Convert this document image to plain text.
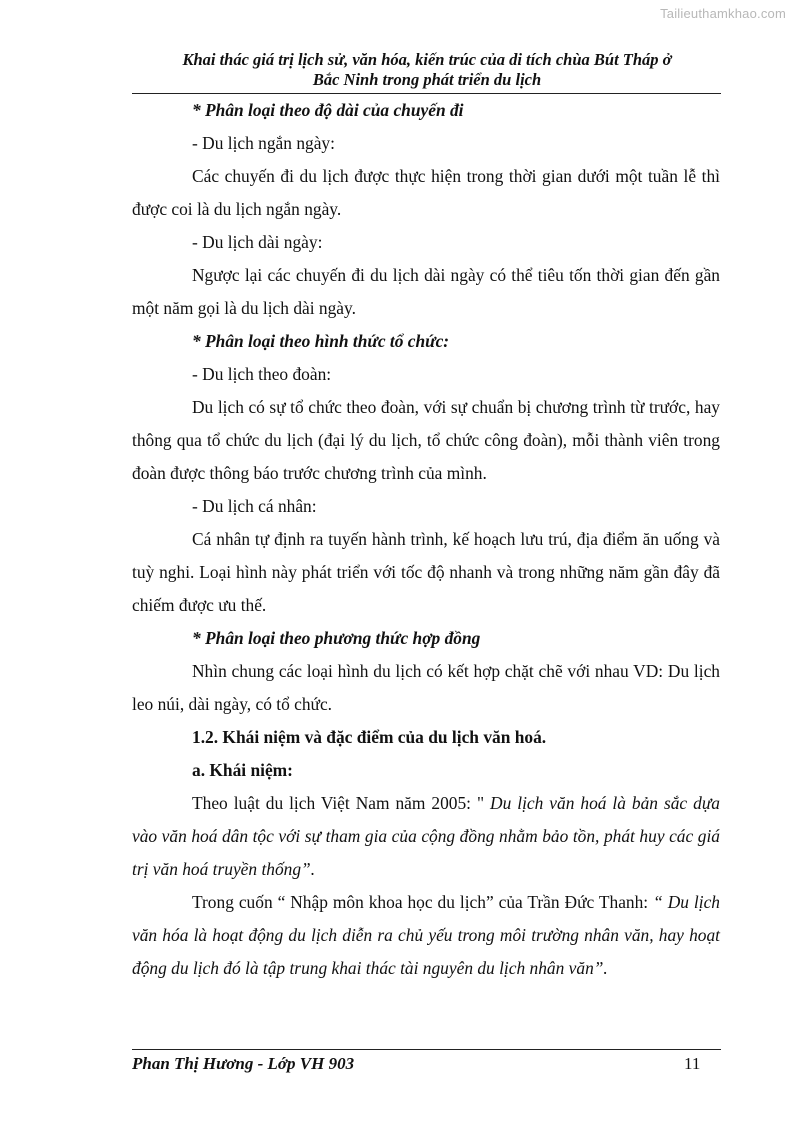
Tailieuthamkhao.com
Khai thác giá trị lịch sử, văn hóa, kiến trúc của di tích chùa Bút Tháp ở
Bắc Ninh trong phát triển du lịch

* Phân loại theo độ dài của chuyến đi

- Du lịch ngắn ngày:

Các chuyến đi du lịch được thực hiện trong thời gian dưới một tuần lễ thì được coi là du lịch ngắn ngày.

- Du lịch dài ngày:

Ngược lại các chuyến đi du lịch dài ngày có thể tiêu tốn thời gian đến gần một năm gọi là du lịch dài ngày.

* Phân loại theo hình thức tổ chức:

- Du lịch theo đoàn:

Du lịch có sự tổ chức theo đoàn, với sự chuẩn bị chương trình từ trước, hay thông qua tổ chức du lịch (đại lý du lịch, tổ chức công đoàn), mỗi thành viên trong đoàn được thông báo trước chương trình của mình.

- Du lịch cá nhân:

Cá nhân tự định ra tuyến hành trình, kế hoạch lưu trú, địa điểm ăn uống và tuỳ nghi. Loại hình này phát triển với tốc độ nhanh và trong những năm gần đây đã chiếm được ưu thế.

* Phân loại theo phương thức hợp đồng

Nhìn chung các loại hình du lịch có kết hợp chặt chẽ với nhau VD: Du lịch leo núi, dài ngày, có tổ chức.

1.2. Khái niệm và đặc điểm của du lịch văn hoá.

a. Khái niệm:

Theo luật du lịch Việt Nam năm 2005: " Du lịch văn hoá là bản sắc dựa vào văn hoá dân tộc với sự tham gia của cộng đồng nhằm bảo tồn, phát huy các giá trị văn hoá truyền thống”.

Trong cuốn “ Nhập môn khoa học du lịch” của Trần Đức Thanh: “ Du lịch văn hóa là hoạt động du lịch diễn ra chủ yếu trong môi trường nhân văn, hay hoạt động du lịch đó là tập trung khai thác tài nguyên du lịch nhân văn”.

Phan Thị Hương - Lớp VH 903	11
